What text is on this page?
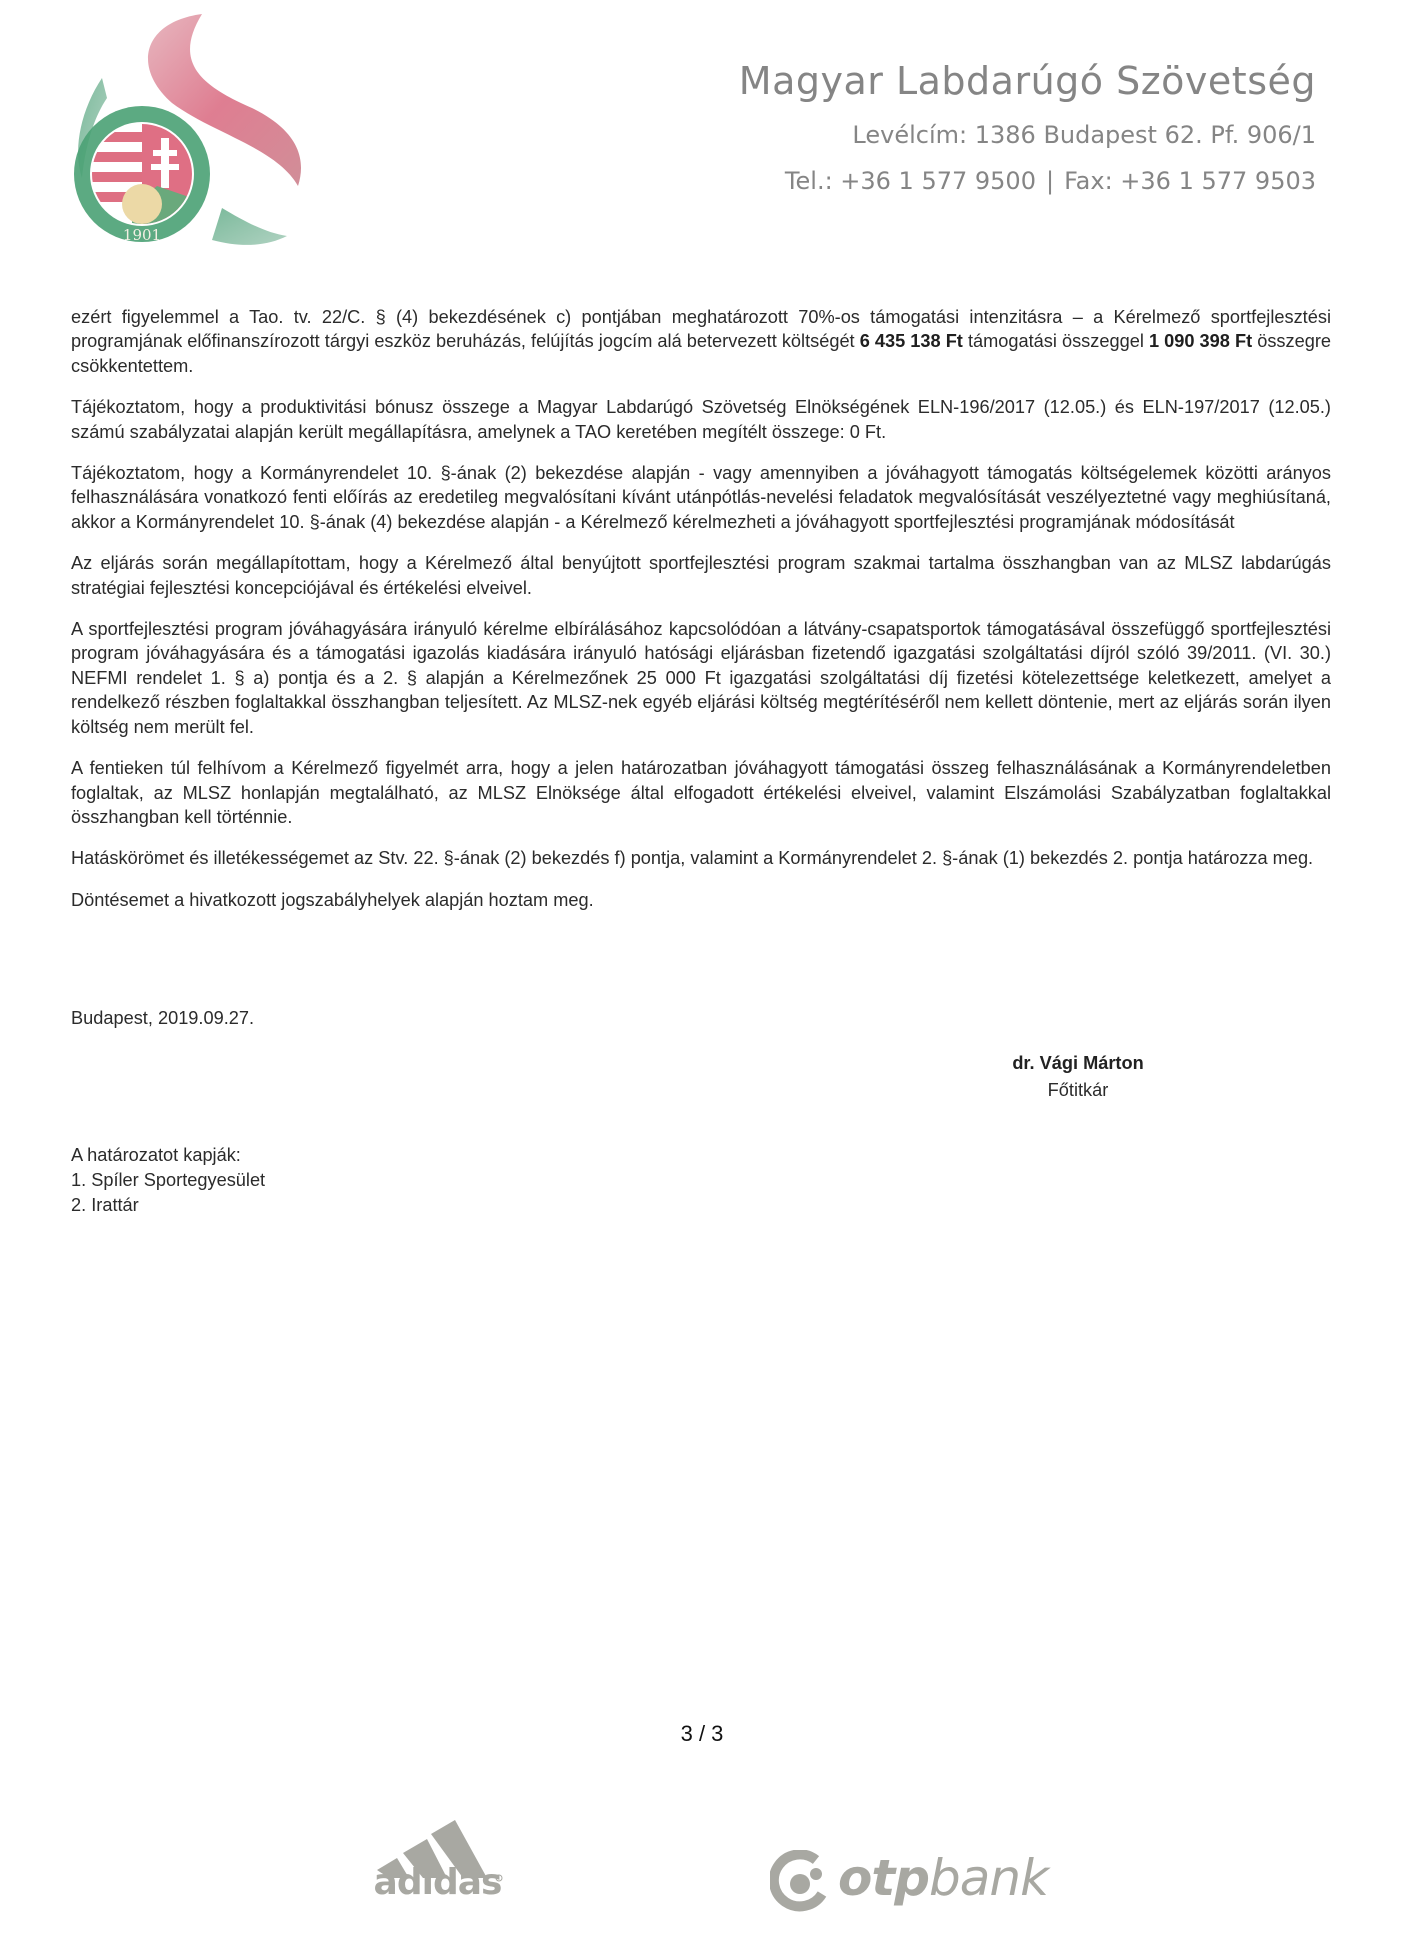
1901
Magyar Labdarúgó Szövetség
Levélcím: 1386 Budapest 62. Pf. 906/1
Tel.: +36 1 577 9500 | Fax: +36 1 577 9503

ezért figyelemmel a Tao. tv. 22/C. § (4) bekezdésének c) pontjában meghatározott 70%-os támogatási intenzitásra – a Kérelmező sportfejlesztési programjának előfinanszírozott tárgyi eszköz beruházás, felújítás jogcím alá betervezett költségét 6 435 138 Ft támogatási összeggel 1 090 398 Ft összegre csökkentettem.

Tájékoztatom, hogy a produktivitási bónusz összege a Magyar Labdarúgó Szövetség Elnökségének ELN-196/2017 (12.05.) és ELN-197/2017 (12.05.) számú szabályzatai alapján került megállapításra, amelynek a TAO keretében megítélt összege: 0 Ft.

Tájékoztatom, hogy a Kormányrendelet 10. §-ának (2) bekezdése alapján - vagy amennyiben a jóváhagyott támogatás költségelemek közötti arányos felhasználására vonatkozó fenti előírás az eredetileg megvalósítani kívánt utánpótlás-nevelési feladatok megvalósítását veszélyeztetné vagy meghiúsítaná, akkor a Kormányrendelet 10. §-ának (4) bekezdése alapján - a Kérelmező kérelmezheti a jóváhagyott sportfejlesztési programjának módosítását

Az eljárás során megállapítottam, hogy a Kérelmező által benyújtott sportfejlesztési program szakmai tartalma összhangban van az MLSZ labdarúgás stratégiai fejlesztési koncepciójával és értékelési elveivel.

A sportfejlesztési program jóváhagyására irányuló kérelme elbírálásához kapcsolódóan a látvány-csapatsportok támogatásával összefüggő sportfejlesztési program jóváhagyására és a támogatási igazolás kiadására irányuló hatósági eljárásban fizetendő igazgatási szolgáltatási díjról szóló 39/2011. (VI. 30.) NEFMI rendelet 1. § a) pontja és a 2. § alapján a Kérelmezőnek 25 000 Ft igazgatási szolgáltatási díj fizetési kötelezettsége keletkezett, amelyet a rendelkező részben foglaltakkal összhangban teljesített. Az MLSZ-nek egyéb eljárási költség megtérítéséről nem kellett döntenie, mert az eljárás során ilyen költség nem merült fel.

A fentieken túl felhívom a Kérelmező figyelmét arra, hogy a jelen határozatban jóváhagyott támogatási összeg felhasználásának a Kormányrendeletben foglaltak, az MLSZ honlapján megtalálható, az MLSZ Elnöksége által elfogadott értékelési elveivel, valamint Elszámolási Szabályzatban foglaltakkal összhangban kell történnie.

Hatáskörömet és illetékességemet az Stv. 22. §-ának (2) bekezdés f) pontja, valamint a Kormányrendelet 2. §-ának (1) bekezdés 2. pontja határozza meg.

Döntésemet a hivatkozott jogszabályhelyek alapján hoztam meg.

Budapest, 2019.09.27.
dr. Vági Márton
Főtitkár
A határozatot kapják:
1. Spíler Sportegyesület
2. Irattár
3 / 3
adidas	otpbank
